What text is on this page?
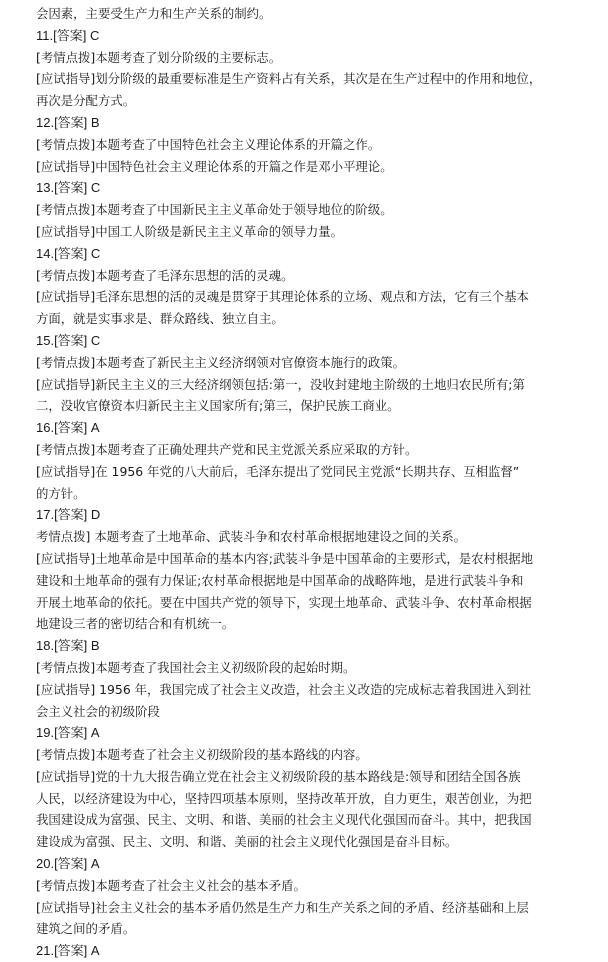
会因素，主要受生产力和生产关系的制约。
11.[答案] C
[考情点拨]本题考查了划分阶级的主要标志。
[应试指导]划分阶级的最重要标准是生产资料占有关系，其次是在生产过程中的作用和地位，
再次是分配方式。
12.[答案] B
[考情点拨]本题考查了中国特色社会主义理论体系的开篇之作。
[应试指导]中国特色社会主义理论体系的开篇之作是邓小平理论。
13.[答案] C
[考情点拨]本题考查了中国新民主主义革命处于领导地位的阶级。
[应试指导]中国工人阶级是新民主主义革命的领导力量。
14.[答案] C
[考情点拨]本题考查了毛泽东思想的活的灵魂。
[应试指导]毛泽东思想的活的灵魂是贯穿于其理论体系的立场、观点和方法，它有三个基本
方面，就是实事求是、群众路线、独立自主。
15.[答案] C
[考情点拨]本题考查了新民主主义经济纲领对官僚资本施行的政策。
[应试指导]新民主主义的三大经济纲领包括:第一，没收封建地主阶级的土地归农民所有;第
二，没收官僚资本归新民主主义国家所有;第三，保护民族工商业。
16.[答案] A
[考情点拨]本题考查了正确处理共产党和民主党派关系应采取的方针。
[应试指导]在 1956 年党的八大前后，毛泽东提出了党同民主党派“长期共存、互相监督”
的方针。
17.[答案] D
考情点拨] 本题考查了土地革命、武装斗争和农村革命根据地建设之间的关系。
[应试指导]土地革命是中国革命的基本内容;武装斗争是中国革命的主要形式，是农村根据地
建设和土地革命的强有力保证;农村革命根据地是中国革命的战略阵地，是进行武装斗争和
开展土地革命的依托。要在中国共产党的领导下，实现土地革命、武装斗争、农村革命根据
地建设三者的密切结合和有机统一。
18.[答案] B
[考情点拨]本题考查了我国社会主义初级阶段的起始时期。
[应试指导] 1956 年，我国完成了社会主义改造，社会主义改造的完成标志着我国进入到社
会主义社会的初级阶段
19.[答案] A
[考情点拨]本题考查了社会主义初级阶段的基本路线的内容。
[应试指导]党的十九大报告确立党在社会主义初级阶段的基本路线是:领导和团结全国各族
人民，以经济建设为中心，坚持四项基本原则，坚持改革开放，自力更生，艰苦创业，为把
我国建设成为富强、民主、文明、和谐、美丽的社会主义现代化强国而奋斗。其中，把我国
建设成为富强、民主、文明、和谐、美丽的社会主义现代化强国是奋斗目标。
20.[答案] A
[考情点拨]本题考查了社会主义社会的基本矛盾。
[应试指导]社会主义社会的基本矛盾仍然是生产力和生产关系之间的矛盾、经济基础和上层
建筑之间的矛盾。
21.[答案] A
